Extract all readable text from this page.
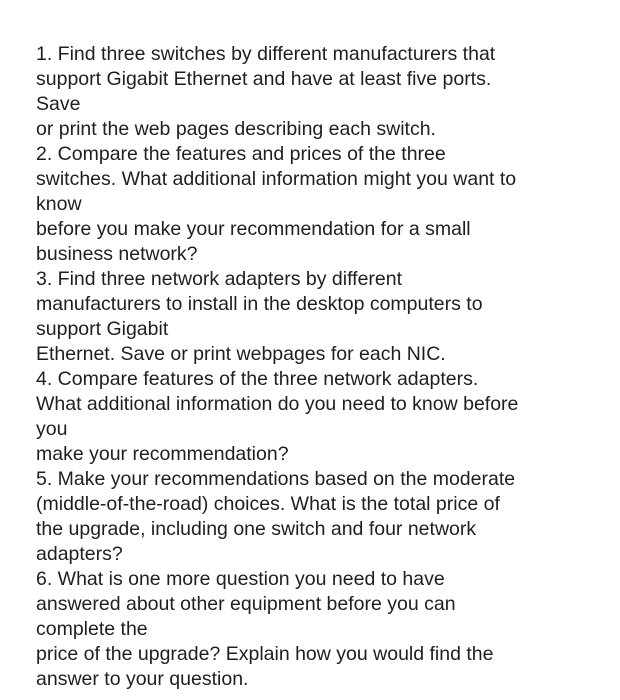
1. Find three switches by different manufacturers that
support Gigabit Ethernet and have at least five ports.
Save
or print the web pages describing each switch.
2. Compare the features and prices of the three
switches. What additional information might you want to
know
before you make your recommendation for a small
business network?
3. Find three network adapters by different
manufacturers to install in the desktop computers to
support Gigabit
Ethernet. Save or print webpages for each NIC.
4. Compare features of the three network adapters.
What additional information do you need to know before
you
make your recommendation?
5. Make your recommendations based on the moderate
(middle-of-the-road) choices. What is the total price of
the upgrade, including one switch and four network
adapters?
6. What is one more question you need to have
answered about other equipment before you can
complete the
price of the upgrade? Explain how you would find the
answer to your question.
